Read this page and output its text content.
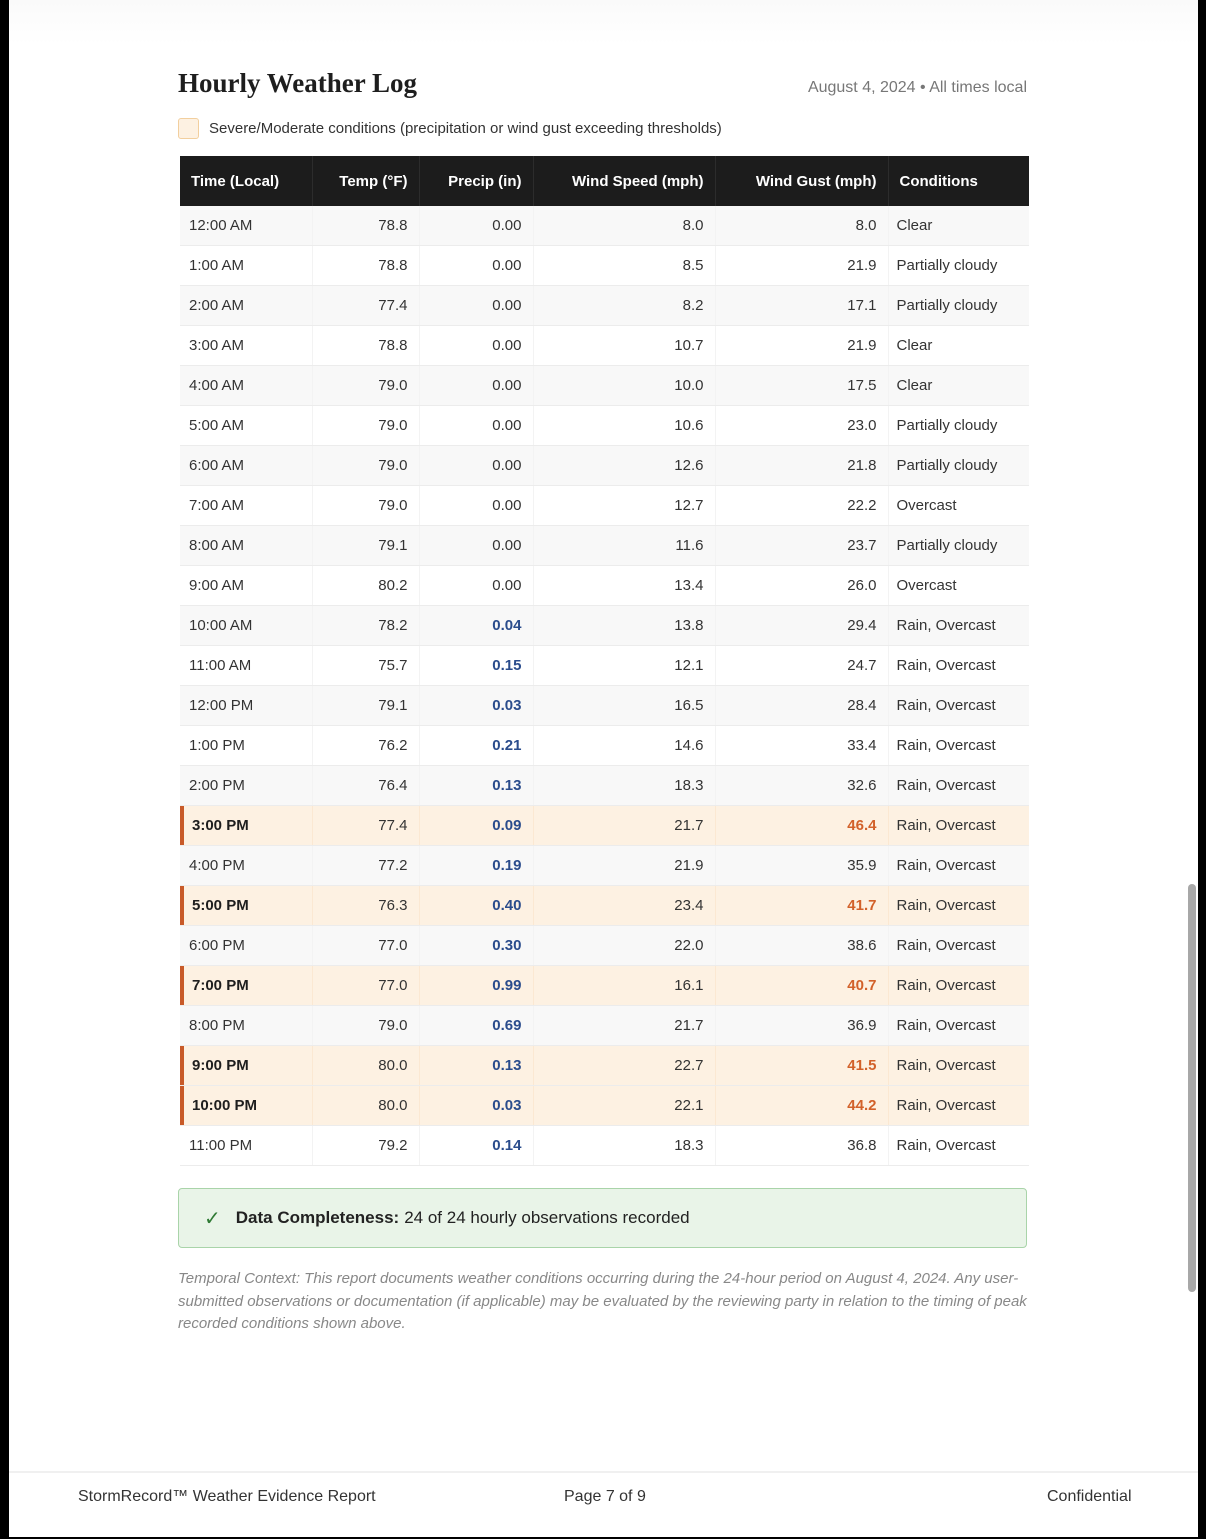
Hourly Weather Log	August 4, 2024 • All times local
Severe/Moderate conditions (precipitation or wind gust exceeding thresholds)
Time (Local)	Temp (°F)	Precip (in)	Wind Speed (mph)	Wind Gust (mph)	Conditions
12:00 AM	78.8	0.00	8.0	8.0	Clear
1:00 AM	78.8	0.00	8.5	21.9	Partially cloudy
2:00 AM	77.4	0.00	8.2	17.1	Partially cloudy
3:00 AM	78.8	0.00	10.7	21.9	Clear
4:00 AM	79.0	0.00	10.0	17.5	Clear
5:00 AM	79.0	0.00	10.6	23.0	Partially cloudy
6:00 AM	79.0	0.00	12.6	21.8	Partially cloudy
7:00 AM	79.0	0.00	12.7	22.2	Overcast
8:00 AM	79.1	0.00	11.6	23.7	Partially cloudy
9:00 AM	80.2	0.00	13.4	26.0	Overcast
10:00 AM	78.2	0.04	13.8	29.4	Rain, Overcast
11:00 AM	75.7	0.15	12.1	24.7	Rain, Overcast
12:00 PM	79.1	0.03	16.5	28.4	Rain, Overcast
1:00 PM	76.2	0.21	14.6	33.4	Rain, Overcast
2:00 PM	76.4	0.13	18.3	32.6	Rain, Overcast
3:00 PM	77.4	0.09	21.7	46.4	Rain, Overcast
4:00 PM	77.2	0.19	21.9	35.9	Rain, Overcast
5:00 PM	76.3	0.40	23.4	41.7	Rain, Overcast
6:00 PM	77.0	0.30	22.0	38.6	Rain, Overcast
7:00 PM	77.0	0.99	16.1	40.7	Rain, Overcast
8:00 PM	79.0	0.69	21.7	36.9	Rain, Overcast
9:00 PM	80.0	0.13	22.7	41.5	Rain, Overcast
10:00 PM	80.0	0.03	22.1	44.2	Rain, Overcast
11:00 PM	79.2	0.14	18.3	36.8	Rain, Overcast
✓ Data Completeness: 24 of 24 hourly observations recorded

Temporal Context: This report documents weather conditions occurring during the 24-hour period on August 4, 2024. Any user-submitted observations or documentation (if applicable) may be evaluated by the reviewing party in relation to the timing of peak recorded conditions shown above.

StormRecord™ Weather Evidence Report	Page 7 of 9	Confidential
